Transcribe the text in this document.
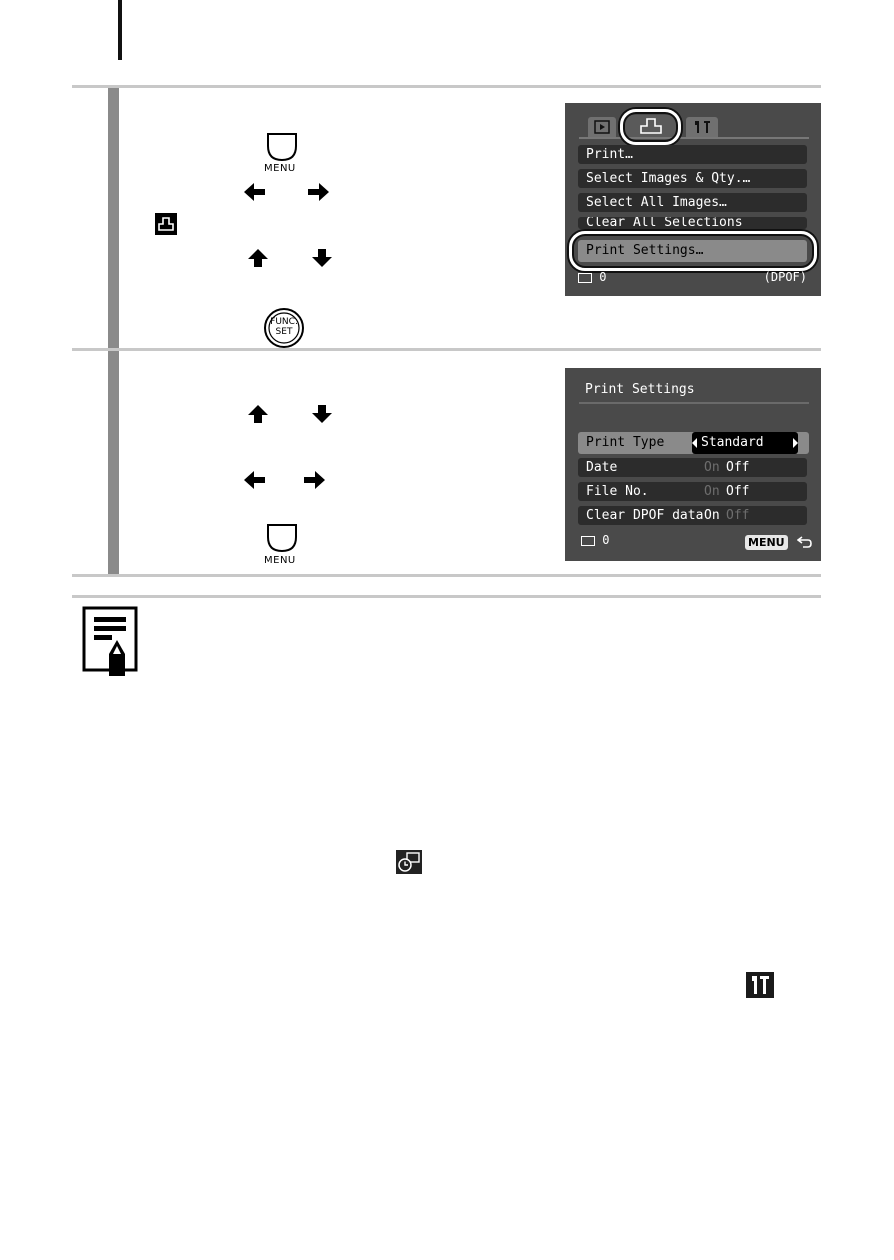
MENU
FUNC.
SET
Print…
Select Images & Qty.…
Select All Images…
Clear All Selections
Print Settings…
0	(DPOF)
MENU
Print Settings
Print Type	Standard
Date	On Off
File No.	On Off
Clear DPOF data On Off
0	MENU
